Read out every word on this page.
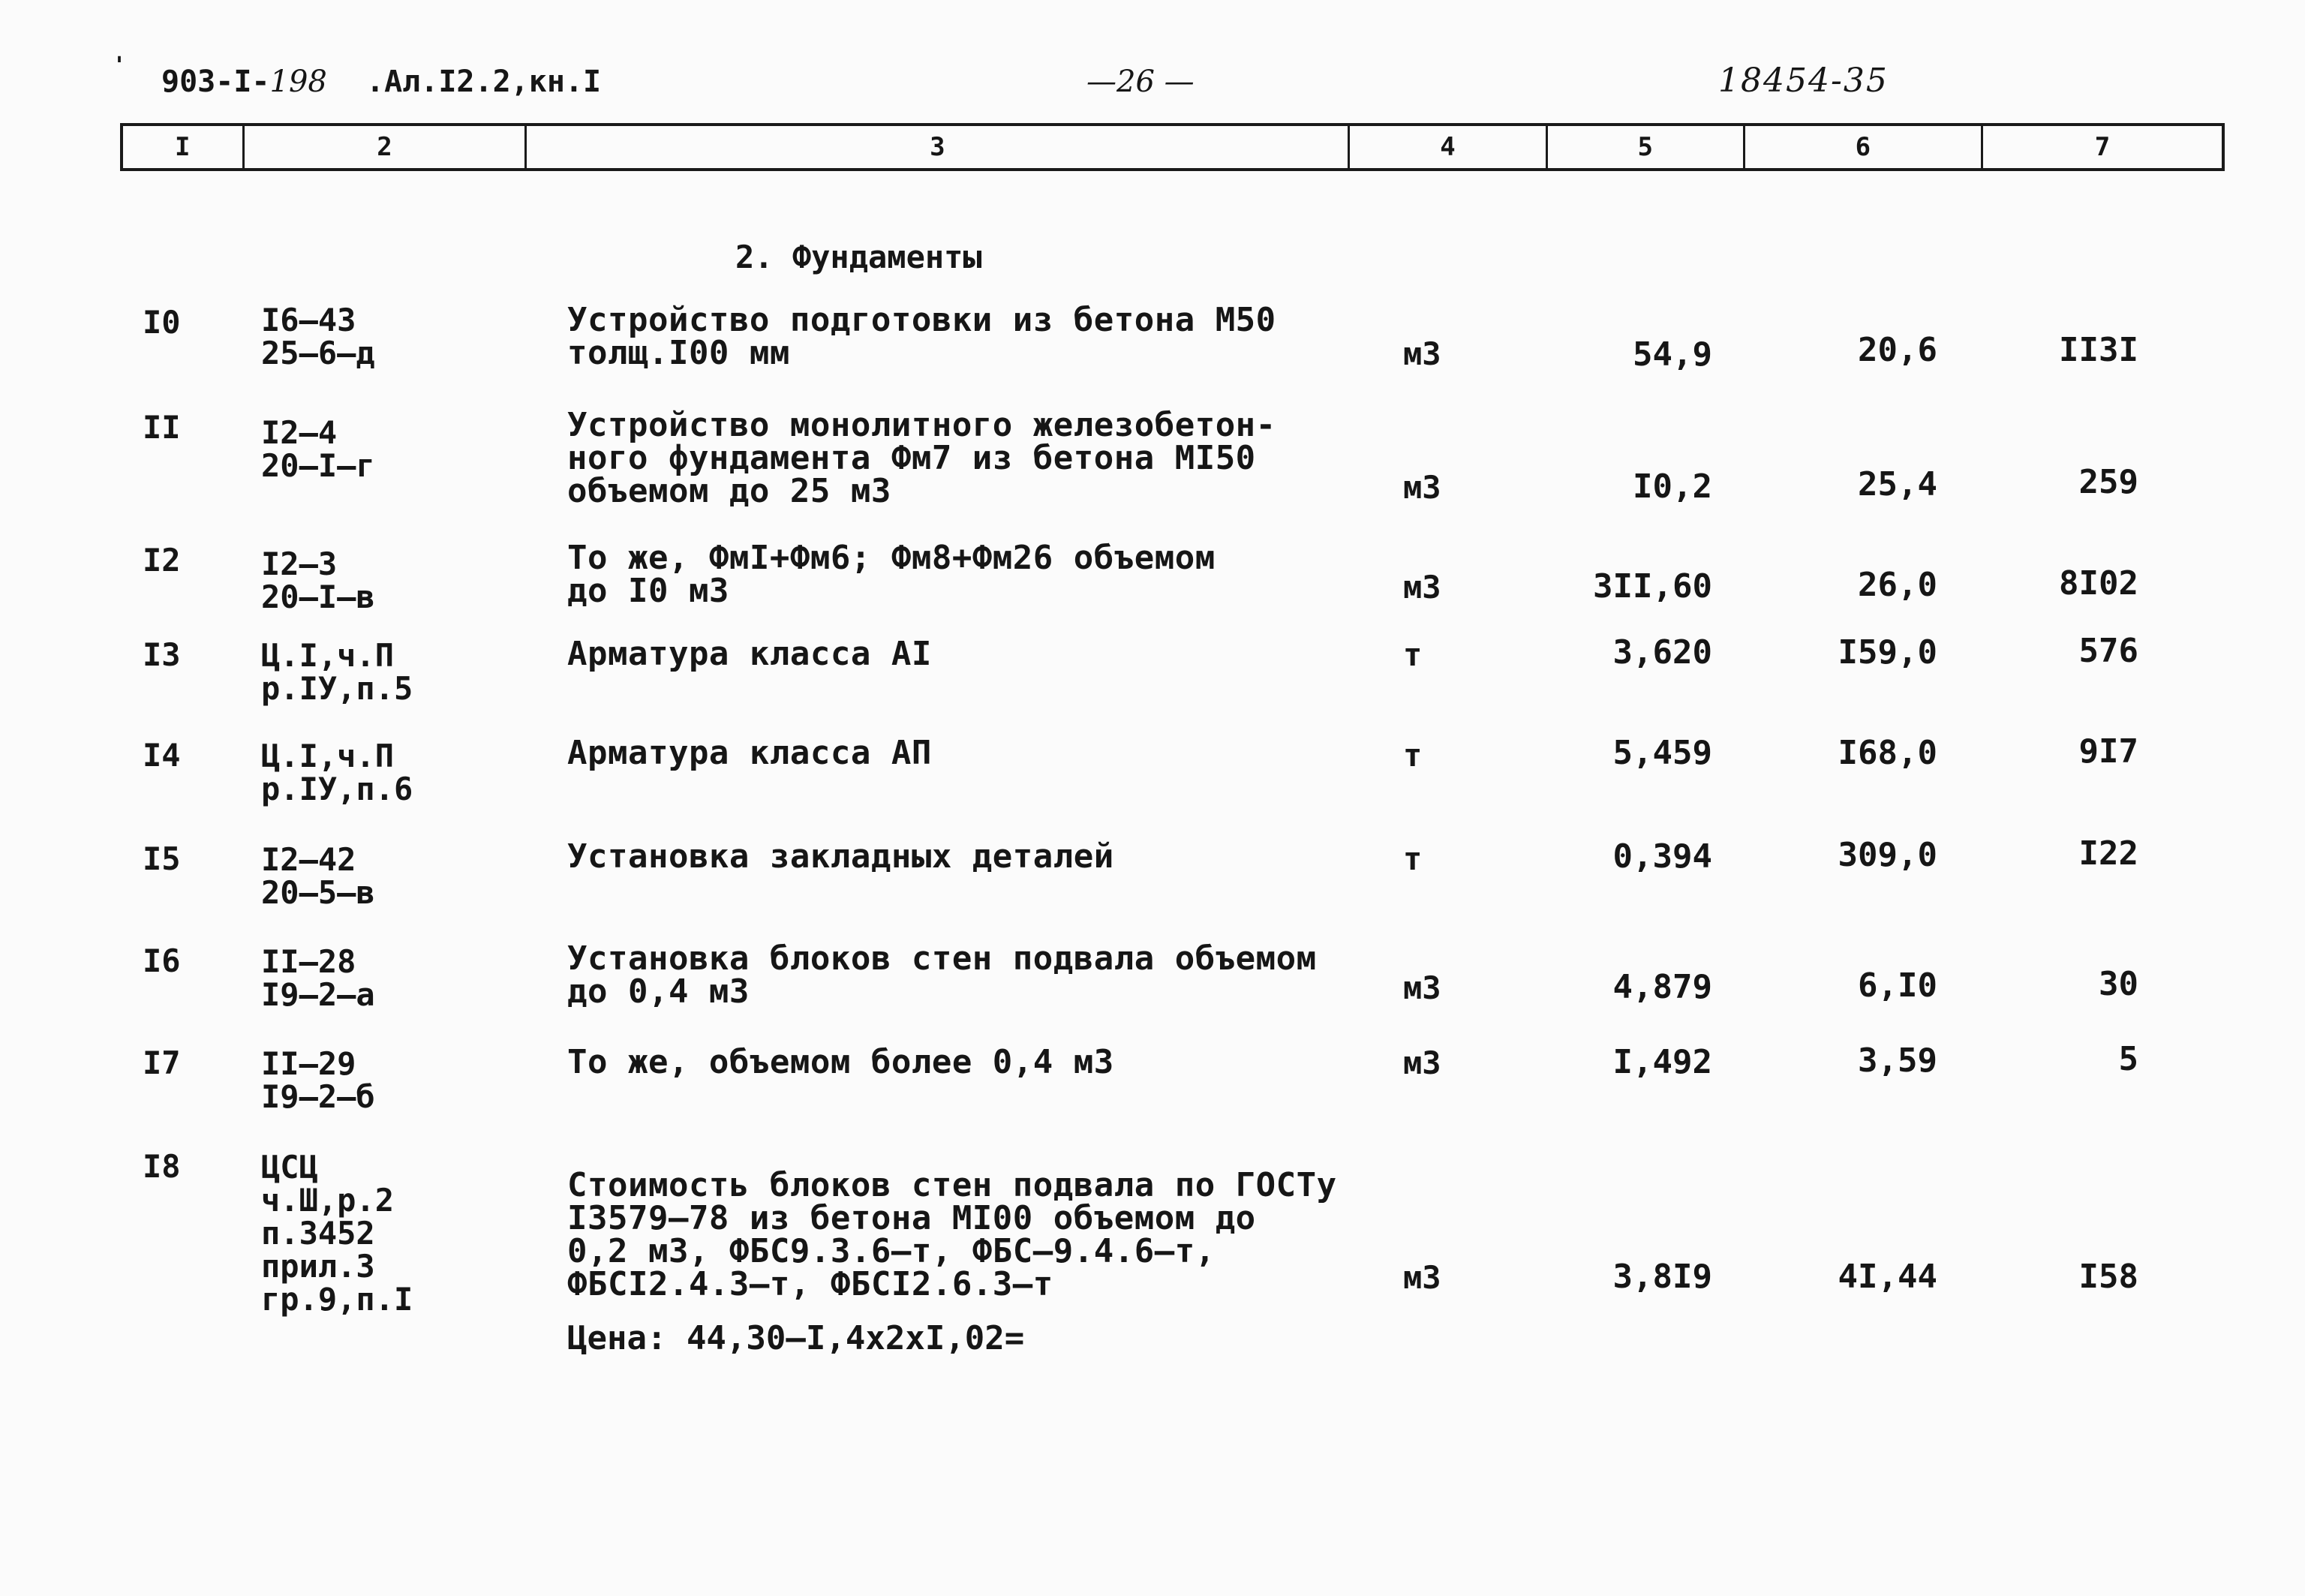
' 903-I-198 .Ал.I2.2,кн.I	—26 —	18454-35
I	2	3	4	5	6	7
2. Фундаменты
I0	I6–43
25–6–д
Устройство подготовки из бетона М50
толщ.I00 мм	м3	54,9	20,6	II3I
II	I2–4
20–I–г
Устройство монолитного железобетон-
ного фундамента Фм7 из бетона МI50
объемом до 25 м3	м3	I0,2	25,4	259
I2	I2–3
20–I–в
То же, ФмI+Фм6; Фм8+Фм26 объемом
до I0 м3	м3	3II,60	26,0	8I02
I3	Ц.I,ч.П
р.IУ,п.5
Арматура класса АI	т	3,620	I59,0	576
I4	Ц.I,ч.П
р.IУ,п.6
Арматура класса АП	т	5,459	I68,0	9I7
I5	I2–42
20–5–в
Установка закладных деталей	т	0,394	309,0	I22
I6	II–28
I9–2–а
Установка блоков стен подвала объемом
до 0,4 м3	м3	4,879	6,I0	30
I7	II–29
I9–2–б
То же, объемом более 0,4 м3	м3	I,492	3,59	5
I8	ЦСЦ
ч.Ш,р.2
п.3452
прил.3
гр.9,п.I
Стоимость блоков стен подвала по ГОСТу
I3579–78 из бетона МI00 объемом до
0,2 м3, ФБС9.3.6–т, ФБС–9.4.6–т,
ФБСI2.4.3–т, ФБСI2.6.3–т	м3	3,8I9	4I,44	I58
Цена: 44,30–I,4х2хI,02=
